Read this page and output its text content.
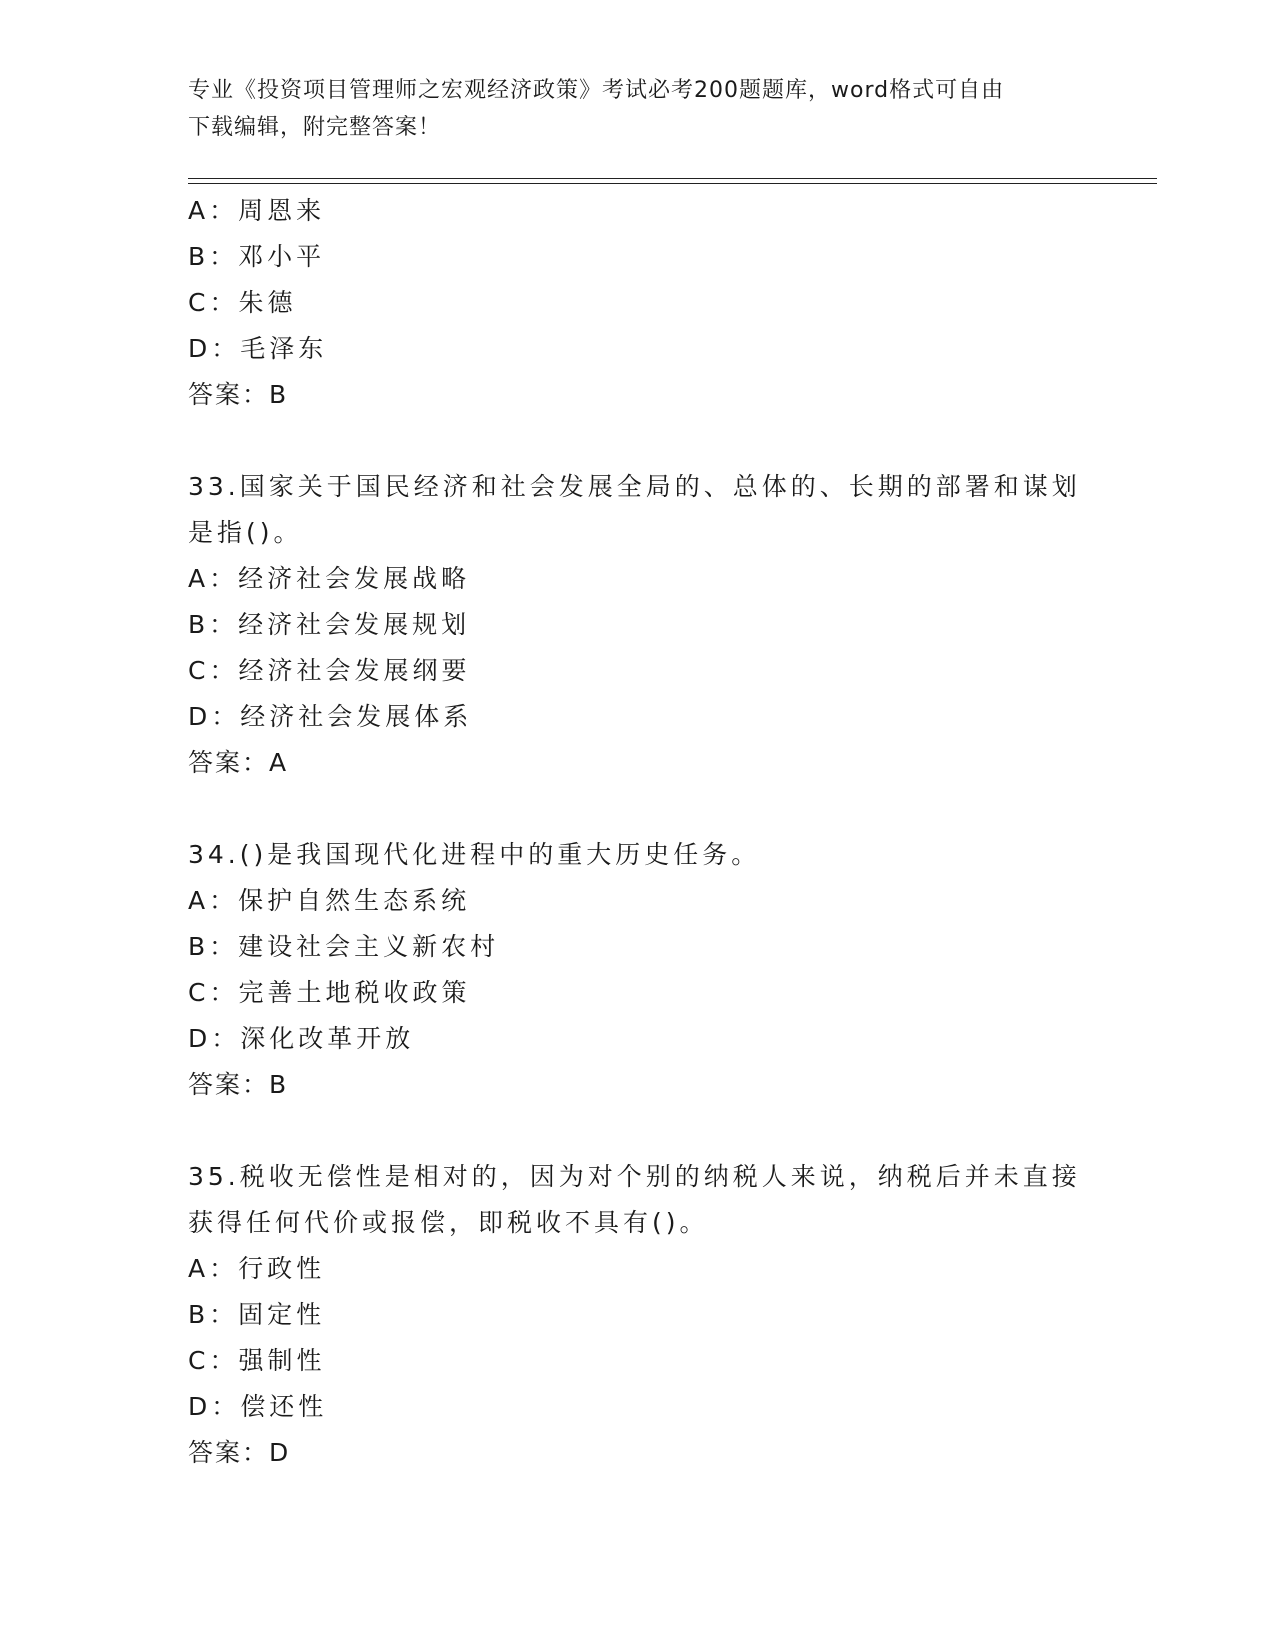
专业《投资项目管理师之宏观经济政策》考试必考200题题库，word格式可自由
下载编辑，附完整答案！
A：周恩来
B：邓小平
C：朱德
D：毛泽东
答案：B
33.国家关于国民经济和社会发展全局的、总体的、长期的部署和谋划
是指()。
A：经济社会发展战略
B：经济社会发展规划
C：经济社会发展纲要
D：经济社会发展体系
答案：A
34.()是我国现代化进程中的重大历史任务。
A：保护自然生态系统
B：建设社会主义新农村
C：完善土地税收政策
D：深化改革开放
答案：B
35.税收无偿性是相对的，因为对个别的纳税人来说，纳税后并未直接
获得任何代价或报偿，即税收不具有()。
A：行政性
B：固定性
C：强制性
D：偿还性
答案：D
